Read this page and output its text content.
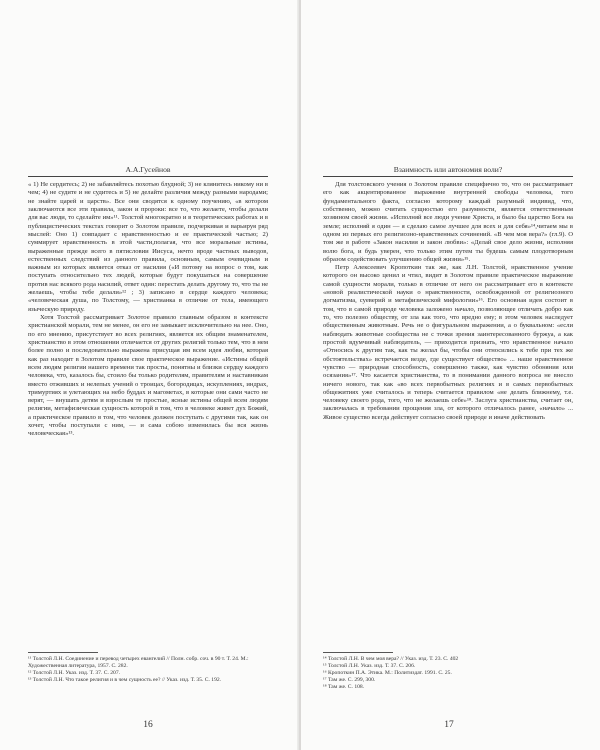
А.А.Гусейнов

« 1) Не сердитесь; 2) не забавляйтесь похотью блудной; 3) не клянитесь никому ни в чем; 4) не судите и не судитесь и 5) не делайте различия между разными народами; не знайте царей и царств». Все они сводятся к одному поучению, «в котором заключаются все эти правила, закон и пророки: все то, что желаете, чтобы делали для вас люди, то сделайте им»¹¹. Толстой многократно и в теоретических работах и в публицистических текстах говорит о Золотом правиле, подчеркивая и варьируя ряд мыслей: Оно 1) совпадает с нравственностью и ее практической частью; 2) суммирует нравственность в этой части,полагая, что все моральные истины, выраженные прежде всего в пятисловии Иисуса, нечто вроде частных выводов, естественных следствий из данного правила, основным, самым очевидным и важным из которых является отказ от насилия («И потому на вопрос о том, как поступать относительно тех людей, которые будут покушаться на совершение против нас всякого рода насилий, ответ один: перестать делать другому то, что ты не желаешь, чтобы тебе делали»¹² ; 3) записано в сердце каждого человека; «человеческая душа, по Толстому, — христианка в отличие от тела, имеющего языческую природу.

Хотя Толстой рассматривает Золотое правило главным образом в контексте христианской морали, тем не менее, он его не замыкает исключительно на нее. Оно, по его мнению, присутствует во всех религиях, является их общим знаменателем, христианство в этом отношении отличается от других религий только тем, что в нем более полно и последовательно выражена присущая им всем идея любви, которая как раз находит в Золотом правиле свое практическое выражение. «Истины общей всем людям религии нашего времени так просты, понятны и близки сердцу каждого человека, что, казалось бы, стоило бы только родителям, правителям и наставникам вместо отживших и нелепых учений о троицах, богородицах, искуплениях, индрах, тримуртиях и улетающих на небо буддах и магометах, в которые они сами часто не верят, — внушать детям и взрослым те простые, ясные истины общей всем людям религии, метафизическая сущность которой в том, что в человеке живет дух Божий, а практическое правило в том, что человек должен поступать с другими так, как он хочет, чтобы поступали с ним, — и сама собою изменилась бы вся жизнь человеческая»¹³.

¹¹ Толстой Л.Н. Соединение и перевод четырех евангелий // Полн. собр. соч. в 90 т. Т. 24. М.: Художественная литература, 1957. С. 282.
¹² Толстой Л.Н. Указ. изд. Т. 37. С. 207.
¹³ Толстой Л.Н. Что такое религия и в чем сущность ее? // Указ. изд. Т. 35. С. 192.
16
Взаимность или автономия воли?

Для толстовского учения о Золотом правиле специфично то, что он рассматривает его как акцентированное выражение внутренней свободы человека, того фундаментального факта, согласно которому каждый разумный индивид, что, собственно, можно считать сущностью его разумности, является ответственным хозяином своей жизни. «Исполняй все люди учение Христа, и было бы царство Бога на земле; исполняй я один — я сделаю самое лучшее для всех и для себя»¹⁴,читаем мы в одном из первых его религиозно-нравственных сочинений. «В чем моя вера?» (гл.9). О том же в работе «Закон насилия и закон любви»: «Делай свое дело жизни, исполняя волю бога, и будь уверен, что только этим путем ты будешь самым плодотворным образом содействовать улучшению общей жизни»¹⁵.

Петр Алексеевич Кропоткин так же, как Л.Н. Толстой, нравственное учение которого он высоко ценил и чтил, видит в Золотом правиле практическое выражение самой сущности морали, только в отличие от него он рассматривает его в контексте «новой реалистической науки о нравственности, освобожденной от религиозного догматизма, суеверий и метафизической мифологии»¹⁶. Его основная идея состоит в том, что в самой природе человека заложено начало, позволяющее отличать добро как то, что полезно обществу, от зла как того, что вредно ему; в этом человек наследует общественным животным. Речь не о фигуральном выражении, а о буквальном: «если наблюдать животные сообщества не с точки зрения заинтересованного буржуа, а как простой вдумчивый наблюдатель, — приходится признать, что нравственное начало «Относись к другим так, как ты желал бы, чтобы они относились к тебе при тех же обстоятельствах» встречается везде, где существует общество» ... наше нравственное чувство — природная способность, совершенно также, как чувство обоняния или осязания»¹⁷. Что касается христианства, то в понимании данного вопроса не внесло ничего нового, так как «во всех первобытных религиях и в самых первобытных общежитиях уже считалось и теперь считается правилом «не делать ближнему, т.е. человеку своего рода, того, что не желаешь себе»¹⁸. Заслуга христианства, считает он, заключалась в требовании прощения зла, от которого отличалось ранее, «начало» ... Живое существо всегда действует согласно своей природе и иначе действовать

¹⁴ Толстой Л.Н. В чем моя вера? // Указ. изд. Т. 23. С. 402
¹⁵ Толстой Л.Н. Указ. изд. Т. 37. С. 206.
¹⁶ Кропоткин П.А. Этика. М.: Политиздат. 1991. С. 25.
¹⁷ Там же. С. 299, 300.
¹⁸ Там же. С. 108.
17
